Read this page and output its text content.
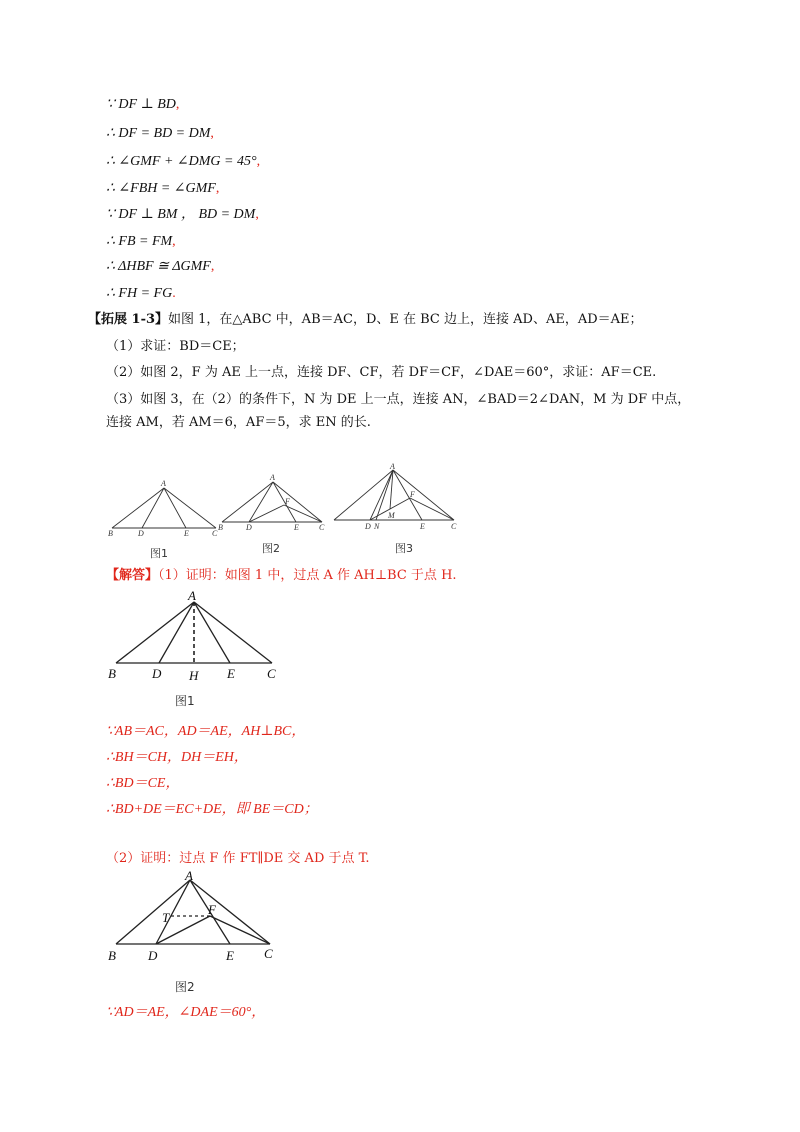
∵ DF ⊥ BD,
∴ DF = BD = DM,
∴ ∠GMF + ∠DMG = 45°,
∴ ∠FBH = ∠GMF,
∵ DF ⊥ BM ， BD = DM,
∴ FB = FM,
∴ ΔHBF ≅ ΔGMF,
∴ FH = FG.
【拓展 1-3】如图 1，在△ABC 中，AB＝AC，D、E 在 BC 边上，连接 AD、AE，AD＝AE；
（1）求证：BD＝CE；
（2）如图 2，F 为 AE 上一点，连接 DF、CF，若 DF＝CF，∠DAE＝60°，求证：AF＝CE.
（3）如图 3，在（2）的条件下，N 为 DE 上一点，连接 AN，∠BAD＝2∠DAN，M 为 DF 中点，
连接 AM，若 AM＝6，AF＝5，求 EN 的长.
A
B	D	E	C
图1
A
F
B	D	E	C
图2
A
F
M
D N	E	C
图3
【解答】（1）证明：如图 1 中，过点 A 作 AH⊥BC 于点 H.
A
B	D H E C
图1
∵AB＝AC，AD＝AE，AH⊥BC，
∴BH＝CH，DH＝EH，
∴BD＝CE，
∴BD+DE＝EC+DE，即 BE＝CD；
（2）证明：过点 F 作 FT∥DE 交 AD 于点 T.
A
T
F
B D	E C
图2
∵AD＝AE，∠DAE＝60°，
